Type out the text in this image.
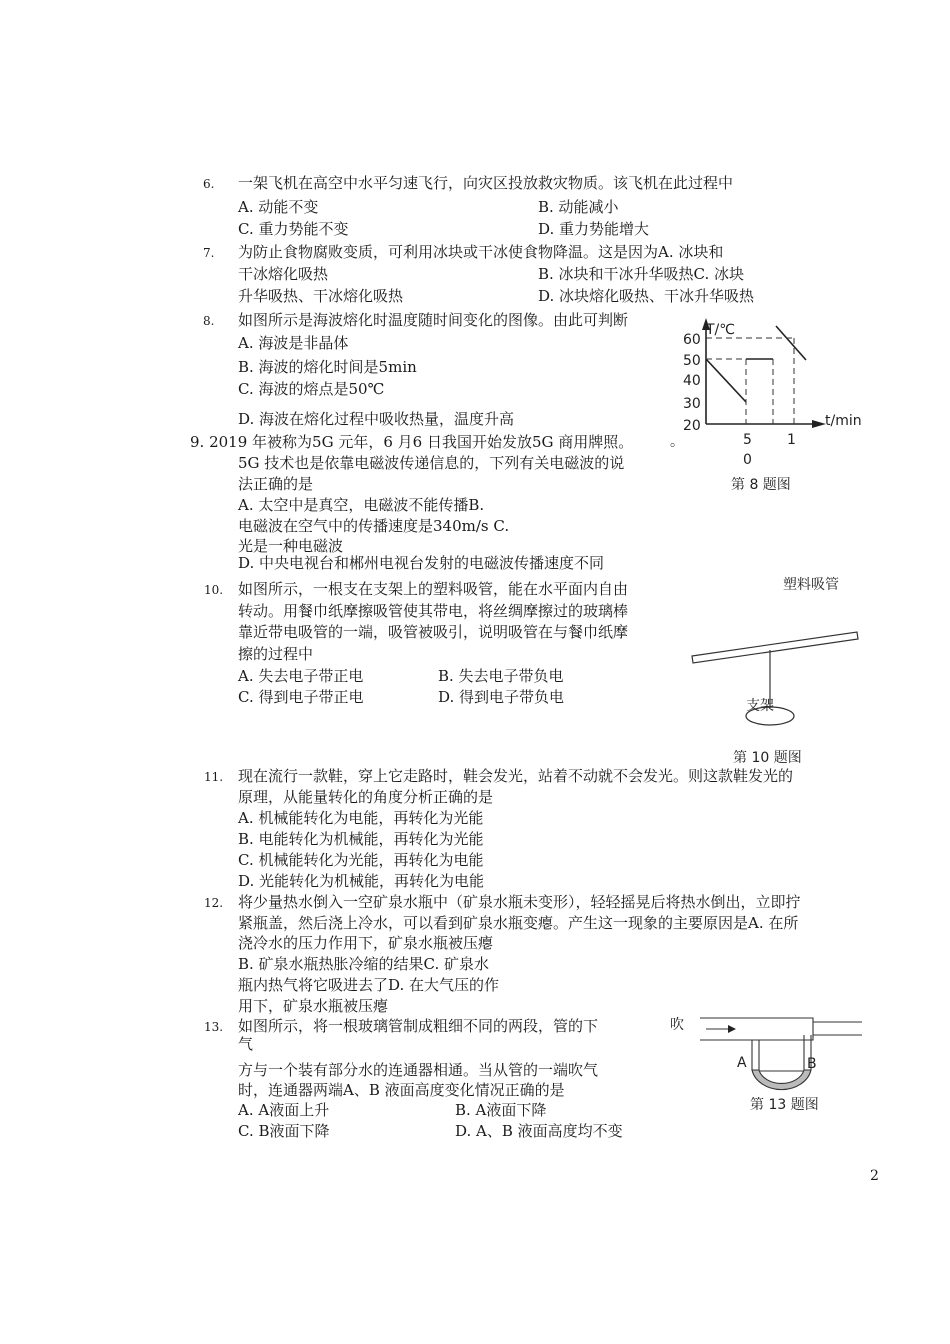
6. 一架飞机在高空中水平匀速飞行，向灾区投放救灾物质。该飞机在此过程中
A. 动能不变	B. 动能减小
C. 重力势能不变	D. 重力势能增大
7. 为防止食物腐败变质，可利用冰块或干冰使食物降温。这是因为A. 冰块和
干冰熔化吸热	B. 冰块和干冰升华吸热C. 冰块
升华吸热、干冰熔化吸热	D. 冰块熔化吸热、干冰升华吸热
8. 如图所示是海波熔化时温度随时间变化的图像。由此可判断
A. 海波是非晶体
B. 海波的熔化时间是5min
C. 海波的熔点是50℃
D. 海波在熔化过程中吸收热量，温度升高
T/℃
t/min
60
50
40
30
20
5
0
1
。
第 8 题图
塑料吸管
支架
第 10 题图
吹
A	B
第 13 题图
9. 2019 年被称为5G 元年，6 月6 日我国开始发放5G 商用牌照。
5G 技术也是依靠电磁波传递信息的，下列有关电磁波的说
法正确的是
A. 太空中是真空，电磁波不能传播B.
电磁波在空气中的传播速度是340m/s C.
光是一种电磁波
D. 中央电视台和郴州电视台发射的电磁波传播速度不同
10. 如图所示，一根支在支架上的塑料吸管，能在水平面内自由
转动。用餐巾纸摩擦吸管使其带电，将丝绸摩擦过的玻璃棒
靠近带电吸管的一端，吸管被吸引，说明吸管在与餐巾纸摩
擦的过程中
A. 失去电子带正电	B. 失去电子带负电
C. 得到电子带正电	D. 得到电子带负电
11. 现在流行一款鞋，穿上它走路时，鞋会发光，站着不动就不会发光。则这款鞋发光的
原理，从能量转化的角度分析正确的是
A. 机械能转化为电能，再转化为光能
B. 电能转化为机械能，再转化为光能
C. 机械能转化为光能，再转化为电能
D. 光能转化为机械能，再转化为电能
12. 将少量热水倒入一空矿泉水瓶中（矿泉水瓶未变形），轻轻摇晃后将热水倒出，立即拧
紧瓶盖，然后浇上冷水，可以看到矿泉水瓶变瘪。产生这一现象的主要原因是A. 在所
浇冷水的压力作用下，矿泉水瓶被压瘪
B. 矿泉水瓶热胀冷缩的结果C. 矿泉水
瓶内热气将它吸进去了D. 在大气压的作
用下，矿泉水瓶被压瘪
13. 如图所示，将一根玻璃管制成粗细不同的两段，管的下
气
方与一个装有部分水的连通器相通。当从管的一端吹气
时，连通器两端A、B 液面高度变化情况正确的是
A. A液面上升	B. A液面下降
C. B液面下降	D. A、B 液面高度均不变
2
